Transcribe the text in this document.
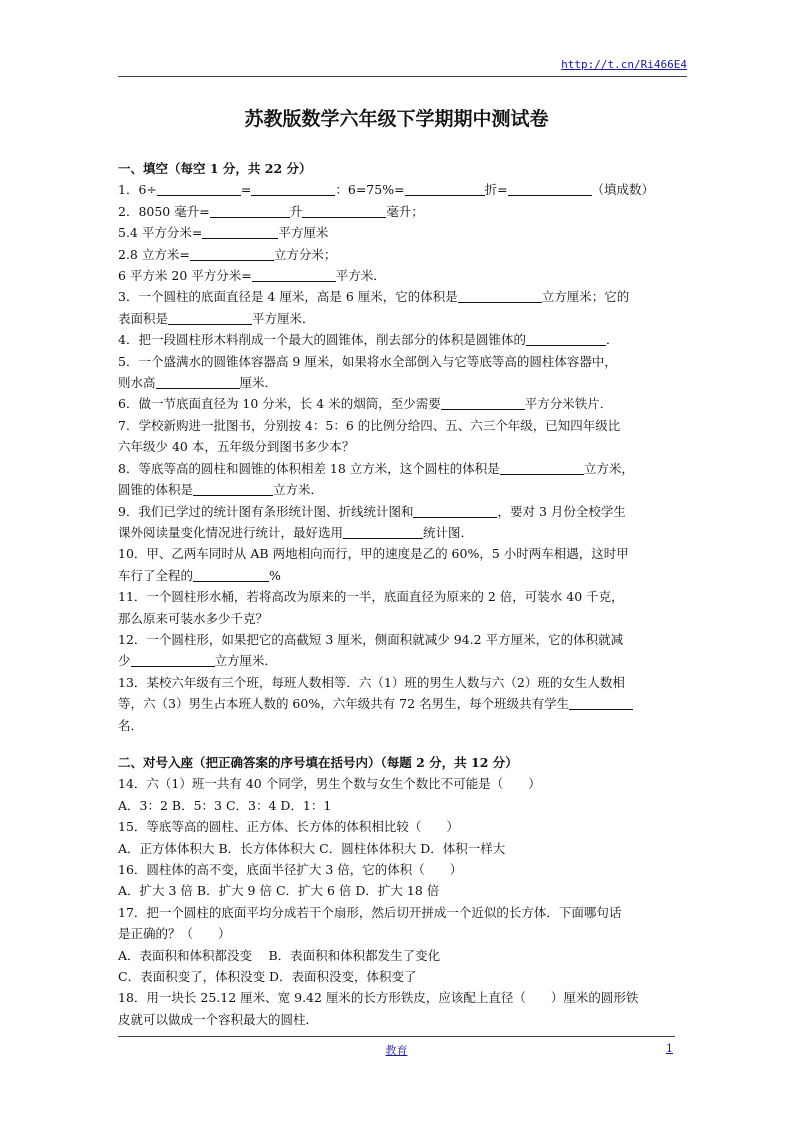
http://t.cn/Ri466E4
苏教版数学六年级下学期期中测试卷
一、填空（每空 1 分，共 22 分）
1．6÷	=	：6=75%=	折=	（填成数）
2．8050 毫升=	升	毫升；
5.4 平方分米=	平方厘米
2.8 立方米=	立方分米；
6 平方米 20 平方分米=	平方米．
3．一个圆柱的底面直径是 4 厘米，高是 6 厘米，它的体积是	立方厘米；它的
表面积是	平方厘米．
4．把一段圆柱形木料削成一个最大的圆锥体，削去部分的体积是圆锥体的	．
5．一个盛满水的圆锥体容器高 9 厘米，如果将水全部倒入与它等底等高的圆柱体容器中，
则水高	厘米．
6．做一节底面直径为 10 分米，长 4 米的烟筒，至少需要	平方分米铁片．
7．学校新购进一批图书，分别按 4：5：6 的比例分给四、五、六三个年级，已知四年级比
六年级少 40 本，五年级分到图书多少本？
8．等底等高的圆柱和圆锥的体积相差 18 立方米，这个圆柱的体积是	立方米，
圆锥的体积是	立方米．
9．我们已学过的统计图有条形统计图、折线统计图和	，要对 3 月份全校学生
课外阅读量变化情况进行统计，最好选用	统计图．
10．甲、乙两车同时从 AB 两地相向而行，甲的速度是乙的 60%，5 小时两车相遇，这时甲
车行了全程的	%
11．一个圆柱形水桶，若将高改为原来的一半，底面直径为原来的 2 倍，可装水 40 千克，
那么原来可装水多少千克？
12．一个圆柱形，如果把它的高截短 3 厘米，侧面积就减少 94.2 平方厘米，它的体积就减
少	立方厘米．
13．某校六年级有三个班，每班人数相等．六（1）班的男生人数与六（2）班的女生人数相
等，六（3）男生占本班人数的 60%，六年级共有 72 名男生，每个班级共有学生
名．
二、对号入座（把正确答案的序号填在括号内）（每题 2 分，共 12 分）
14．六（1）班一共有 40 个同学，男生个数与女生个数比不可能是（　　）
A．3：2 B．5：3 C．3：4 D．1：1
15．等底等高的圆柱、正方体、长方体的体积相比较（　　）
A．正方体体积大 B．长方体体积大 C．圆柱体体积大 D．体积一样大
16．圆柱体的高不变，底面半径扩大 3 倍，它的体积（　　）
A．扩大 3 倍 B．扩大 9 倍 C．扩大 6 倍 D．扩大 18 倍
17．把一个圆柱的底面平均分成若干个扇形，然后切开拼成一个近似的长方体．下面哪句话
是正确的？（　　）
A．表面积和体积都没变　 B．表面积和体积都发生了变化
C．表面积变了，体积没变 D．表面积没变，体积变了
18．用一块长 25.12 厘米、宽 9.42 厘米的长方形铁皮，应该配上直径（　　）厘米的圆形铁
皮就可以做成一个容积最大的圆柱．
教育	1
